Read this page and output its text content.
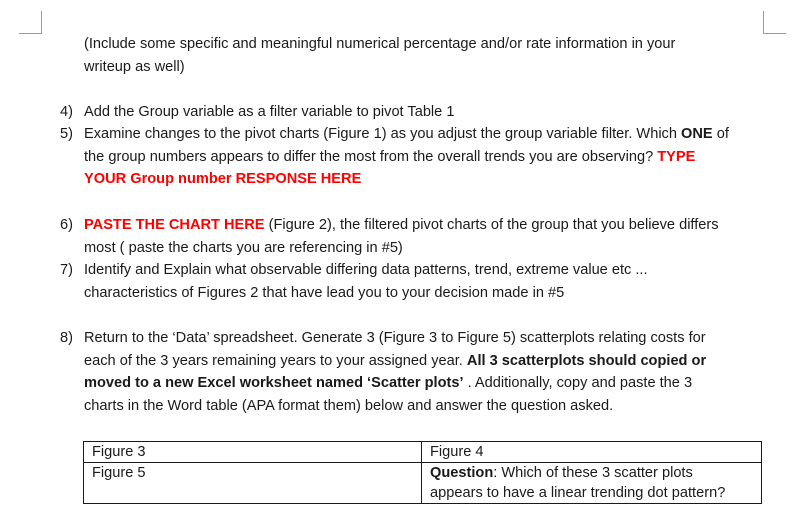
(Include some specific and meaningful numerical percentage and/or rate information in your
writeup as well)
4) Add the Group variable as a filter variable to pivot Table 1
5) Examine changes to the pivot charts (Figure 1) as you adjust the group variable filter. Which ONE of
the group numbers appears to differ the most from the overall trends you are observing? TYPE
YOUR Group number RESPONSE HERE
6) PASTE THE CHART HERE (Figure 2), the filtered pivot charts of the group that you believe differs
most ( paste the charts you are referencing in #5)
7) Identify and Explain what observable differing data patterns, trend, extreme value etc ...
characteristics of Figures 2 that have lead you to your decision made in #5
8) Return to the ‘Data’ spreadsheet. Generate 3 (Figure 3 to Figure 5) scatterplots relating costs for
each of the 3 years remaining years to your assigned year. All 3 scatterplots should copied or
moved to a new Excel worksheet named ‘Scatter plots’ . Additionally, copy and paste the 3
charts in the Word table (APA format them) below and answer the question asked.
Figure 3	Figure 4
Figure 5	Question: Which of these 3 scatter plots
appears to have a linear trending dot pattern?
